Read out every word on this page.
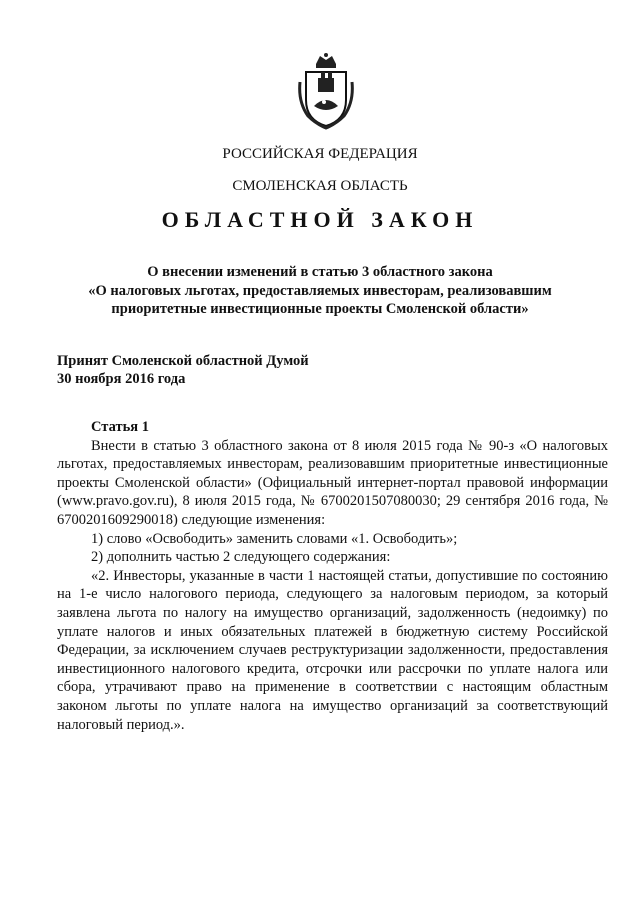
РОССИЙСКАЯ ФЕДЕРАЦИЯ
СМОЛЕНСКАЯ ОБЛАСТЬ
ОБЛАСТНОЙ ЗАКОН
О внесении изменений в статью 3 областного закона
«О налоговых льготах, предоставляемых инвесторам, реализовавшим
приоритетные инвестиционные проекты Смоленской области»
Принят Смоленской областной Думой
30 ноября 2016 года
Статья 1

Внести в статью 3 областного закона от 8 июля 2015 года № 90-з «О налоговых льготах, предоставляемых инвесторам, реализовавшим приоритетные инвестиционные проекты Смоленской области» (Официальный интернет-портал правовой информации (www.pravo.gov.ru), 8 июля 2015 года, № 6700201507080030; 29 сентября 2016 года, № 6700201609290018) следующие изменения:

1) слово «Освободить» заменить словами «1. Освободить»;

2) дополнить частью 2 следующего содержания:

«2. Инвесторы, указанные в части 1 настоящей статьи, допустившие по состоянию на 1-е число налогового периода, следующего за налоговым периодом, за который заявлена льгота по налогу на имущество организаций, задолженность (недоимку) по уплате налогов и иных обязательных платежей в бюджетную систему Российской Федерации, за исключением случаев реструктуризации задолженности, предоставления инвестиционного налогового кредита, отсрочки или рассрочки по уплате налога или сбора, утрачивают право на применение в соответствии с настоящим областным законом льготы по уплате налога на имущество организаций за соответствующий налоговый период.».
